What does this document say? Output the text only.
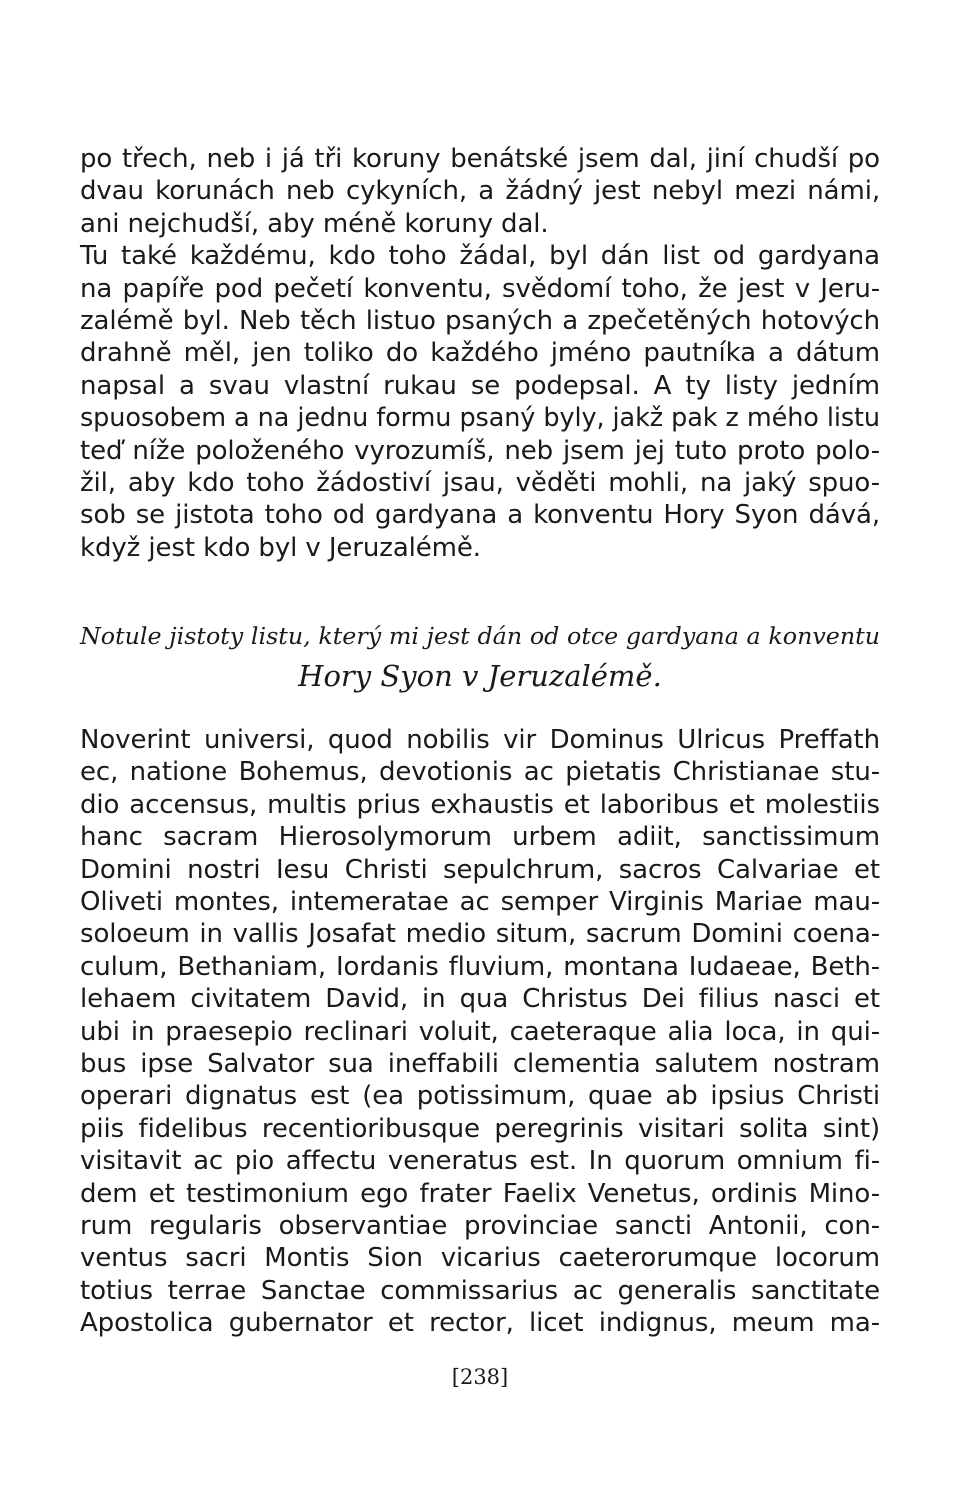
po třech, neb i já tři koruny benátské jsem dal, jiní chudší po
dvau korunách neb cykyních, a žádný jest nebyl mezi námi,
ani nejchudší, aby méně koruny dal.
Tu také každému, kdo toho žádal, byl dán list od gardyana
na papíře pod pečetí konventu, svědomí toho, že jest v Jeru-
zalémě byl. Neb těch listuo psaných a zpečetěných hotových
drahně měl, jen toliko do každého jméno pautníka a dátum
napsal a svau vlastní rukau se podepsal. A ty listy jedním
spuosobem a na jednu formu psaný byly, jakž pak z mého listu
teď níže položeného vyrozumíš, neb jsem jej tuto proto polo-
žil, aby kdo toho žádostiví jsau, věděti mohli, na jaký spuo-
sob se jistota toho od gardyana a konventu Hory Syon dává,
když jest kdo byl v Jeruzalémě.
Notule jistoty listu, který mi jest dán od otce gardyana a konventu
Hory Syon v Jeruzalémě.
Noverint universi, quod nobilis vir Dominus Ulricus Preffath
ec, natione Bohemus, devotionis ac pietatis Christianae stu-
dio accensus, multis prius exhaustis et laboribus et molestiis
hanc sacram Hierosolymorum urbem adiit, sanctissimum
Domini nostri Iesu Christi sepulchrum, sacros Calvariae et
Oliveti montes, intemeratae ac semper Virginis Mariae mau-
soloeum in vallis Josafat medio situm, sacrum Domini coena-
culum, Bethaniam, Iordanis fluvium, montana Iudaeae, Beth-
lehaem civitatem David, in qua Christus Dei filius nasci et
ubi in praesepio reclinari voluit, caeteraque alia loca, in qui-
bus ipse Salvator sua ineffabili clementia salutem nostram
operari dignatus est (ea potissimum, quae ab ipsius Christi
piis fidelibus recentioribusque peregrinis visitari solita sint)
visitavit ac pio affectu veneratus est. In quorum omnium fi-
dem et testimonium ego frater Faelix Venetus, ordinis Mino-
rum regularis observantiae provinciae sancti Antonii, con-
ventus sacri Montis Sion vicarius caeterorumque locorum
totius terrae Sanctae commissarius ac generalis sanctitate
Apostolica gubernator et rector, licet indignus, meum ma-
[238]
